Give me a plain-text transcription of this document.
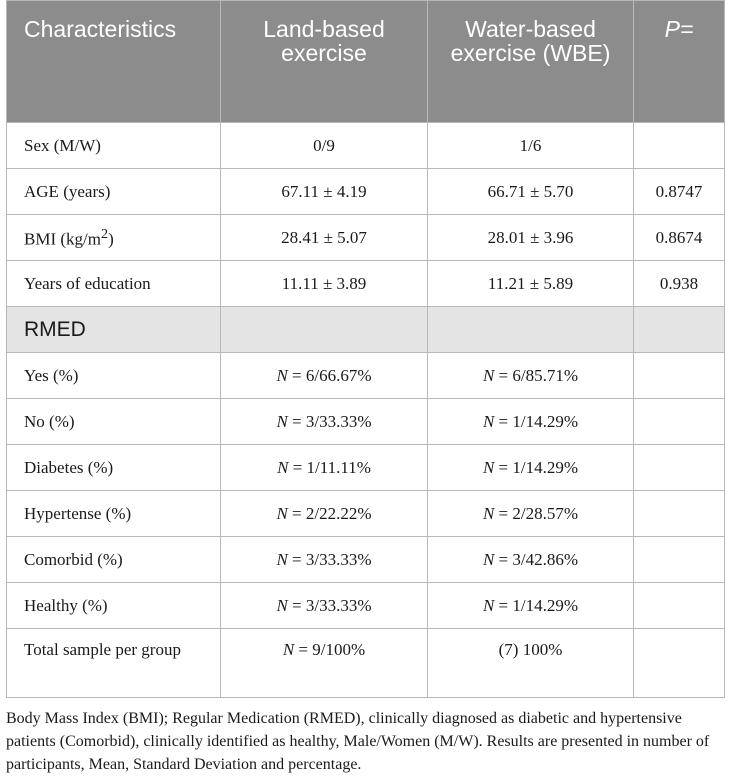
Characteristics	Land-based exercise	Water-based exercise (WBE)	P=
Sex (M/W)	0/9	1/6	
AGE (years)	67.11 ± 4.19	66.71 ± 5.70	0.8747
BMI $(kg/m^2)$	28.41 ± 5.07	28.01 ± 3.96	0.8674
Years of education	11.11 ± 3.89	11.21 ± 5.89	0.938
RMED			
Yes (%)	N = 6/66.67%	N = 6/85.71%	
No (%)	N = 3/33.33%	N = 1/14.29%	
Diabetes (%)	N = 1/11.11%	N = 1/14.29%	
Hypertense (%)	N = 2/22.22%	N = 2/28.57%	
Comorbid (%)	N = 3/33.33%	N = 3/42.86%	
Healthy (%)	N = 3/33.33%	N = 1/14.29%	
Total sample per group	N = 9/100%	(7) 100%	
Body Mass Index (BMI); Regular Medication (RMED), clinically diagnosed as diabetic and hypertensive patients (Comorbid), clinically identified as healthy, Male/Women (M/W). Results are presented in number of participants, Mean, Standard Deviation and percentage.
